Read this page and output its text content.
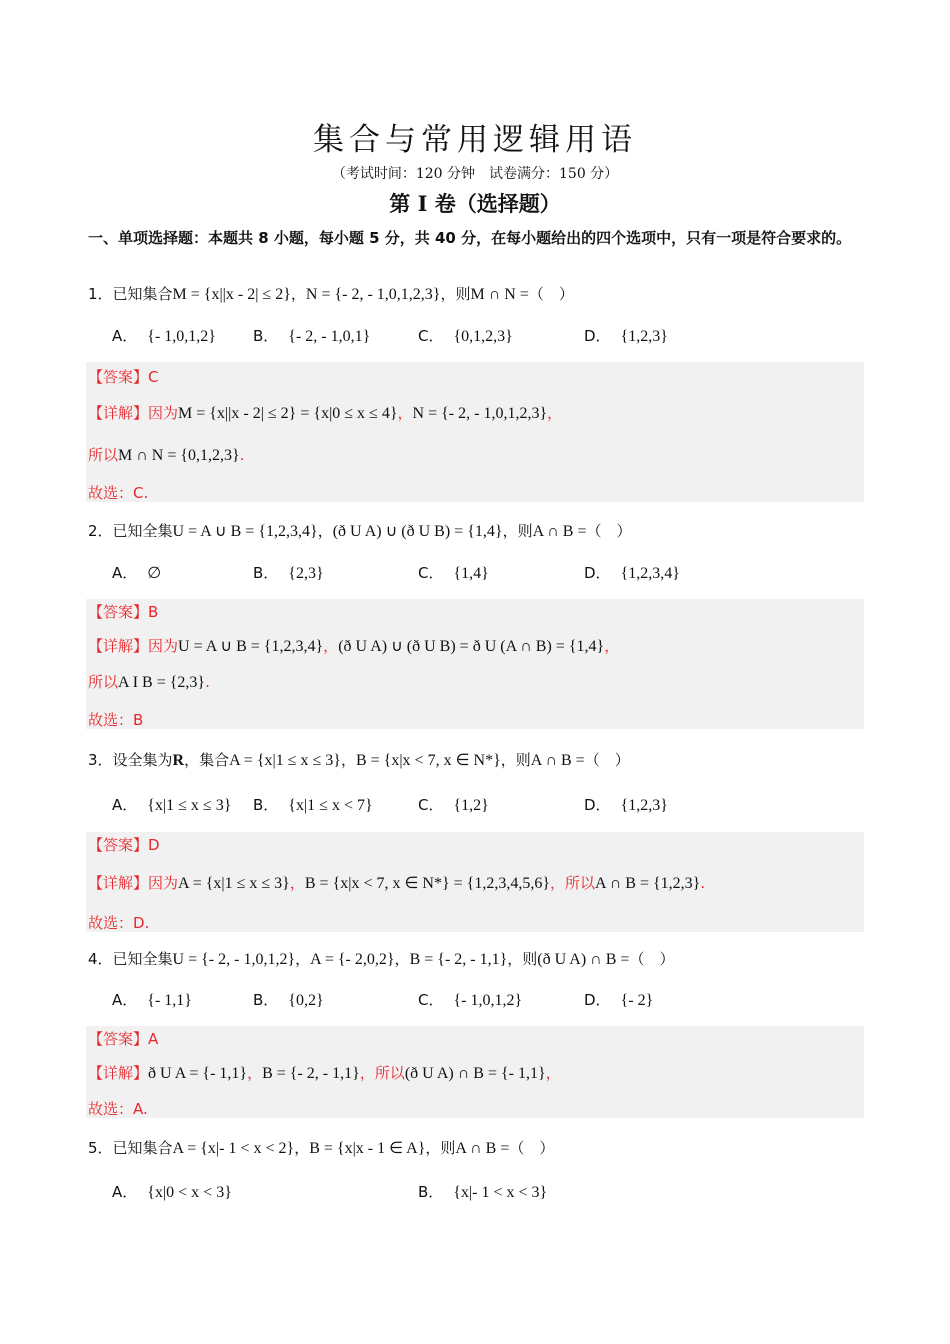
集合与常用逻辑用语
（考试时间：120 分钟　试卷满分：150 分）
第 I 卷（选择题）
一、单项选择题：本题共 8 小题，每小题 5 分，共 40 分，在每小题给出的四个选项中，只有一项是符合要求的。
1．已知集合M = {x||x - 2| ≤ 2}，N = {- 2, - 1,0,1,2,3}，则M ∩ N =（　）
A． {- 1,0,1,2} B． {- 2, - 1,0,1}	C． {0,1,2,3}	D． {1,2,3}
【答案】C
【详解】因为M = {x||x - 2| ≤ 2} = {x|0 ≤ x ≤ 4}，N = {- 2, - 1,0,1,2,3}，
所以M ∩ N = {0,1,2,3}.
故选：C.
2．已知全集U = A ∪ B = {1,2,3,4}，(ð U A) ∪ (ð U B) = {1,4}，则A ∩ B =（　）
A． ∅	B． {2,3}	C． {1,4}	D． {1,2,3,4}
【答案】B
【详解】因为U = A ∪ B = {1,2,3,4}，(ð U A) ∪ (ð U B) = ð U (A ∩ B) = {1,4}，
所以A I B = {2,3}.
故选：B
3．设全集为R，集合A = {x|1 ≤ x ≤ 3}，B = {x|x < 7, x ∈ N*}，则A ∩ B =（　）
A． {x|1 ≤ x ≤ 3} B． {x|1 ≤ x < 7}	C． {1,2}	D． {1,2,3}
【答案】D
【详解】因为A = {x|1 ≤ x ≤ 3}，B = {x|x < 7, x ∈ N*} = {1,2,3,4,5,6}，所以A ∩ B = {1,2,3}.
故选：D.
4．已知全集U = {- 2, - 1,0,1,2}，A = {- 2,0,2}，B = {- 2, - 1,1}，则(ð U A) ∩ B =（　）
A． {- 1,1}	B． {0,2}	C． {- 1,0,1,2}	D． {- 2}
【答案】A
【详解】ð U A = {- 1,1}，B = {- 2, - 1,1}，所以(ð U A) ∩ B = {- 1,1}，
故选：A.
5．已知集合A = {x|- 1 < x < 2}，B = {x|x - 1 ∈ A}，则A ∩ B =（　）
A． {x|0 < x < 3}	B． {x|- 1 < x < 3}
